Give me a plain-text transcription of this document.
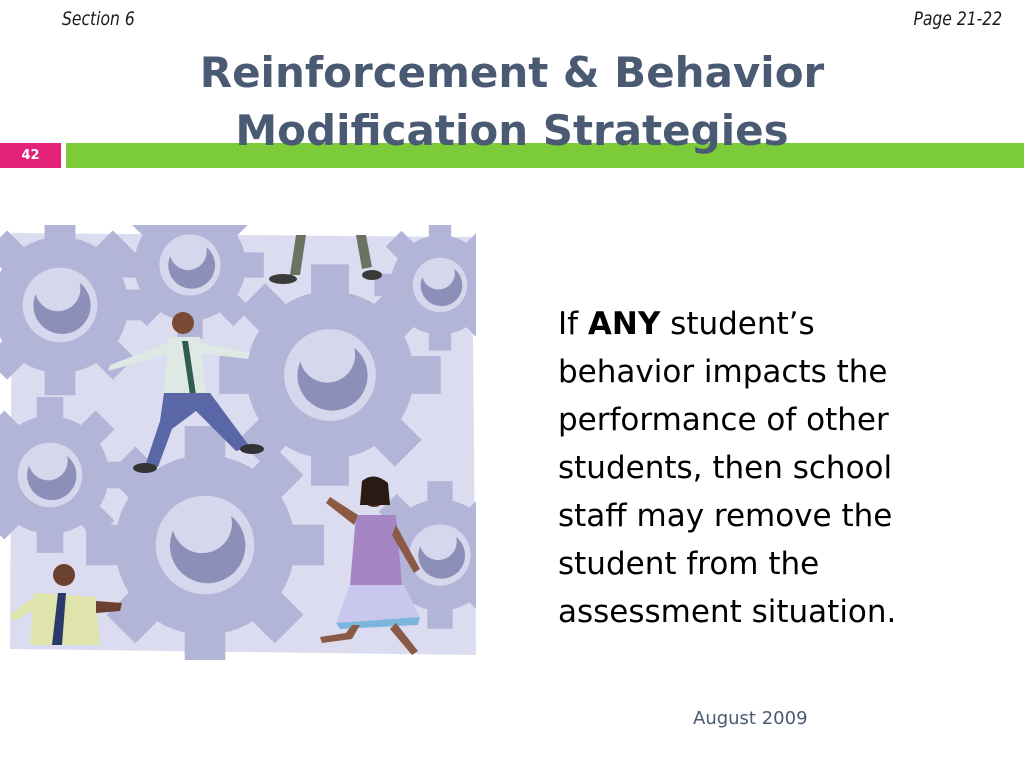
Section 6	Page 21-22
42
Reinforcement & Behavior
Modification Strategies
If ANY student’s
behavior impacts the
performance of other
students, then school
staff may remove the
student from the
assessment situation.
August 2009
